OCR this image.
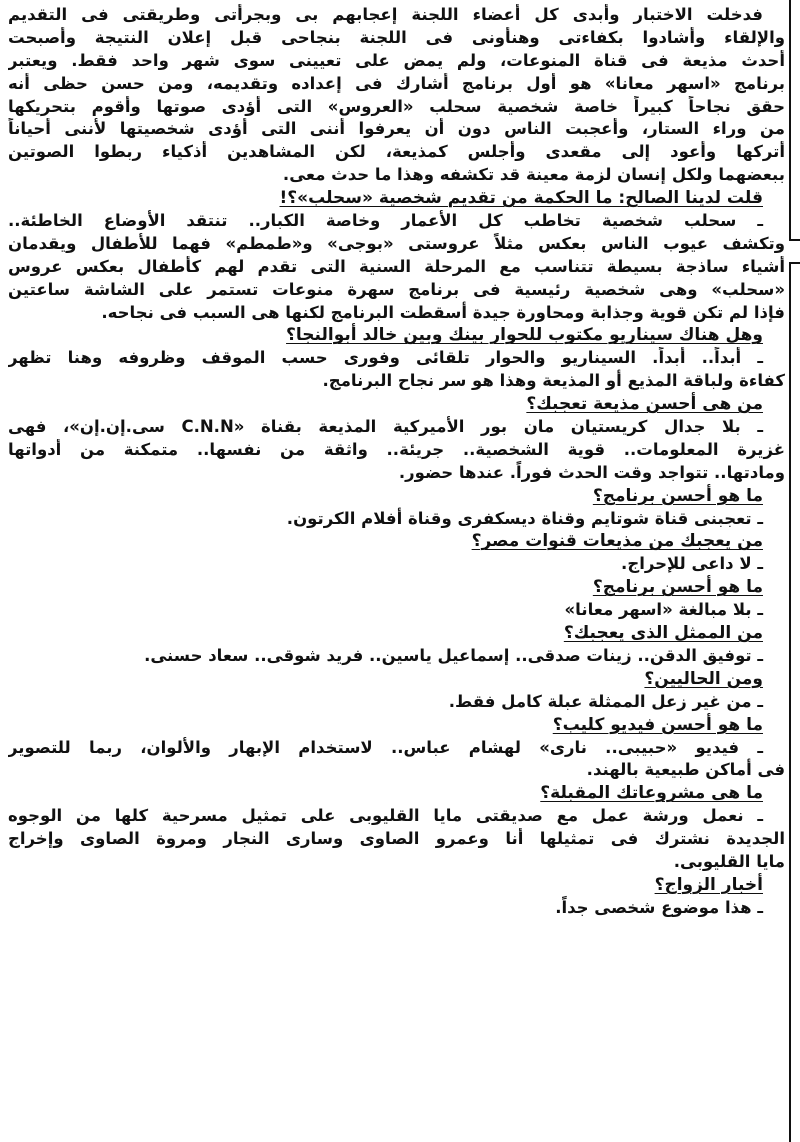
فدخلت الاختبار وأبدى كل أعضاء اللجنة إعجابهم بى وبجرأتى وطريقتى فى التقديم
والإلقاء وأشادوا بكفاءتى وهنأونى فى اللجنة بنجاحى قبل إعلان النتيجة وأصبحت
أحدث مذيعة فى قناة المنوعات، ولم يمض على تعيينى سوى شهر واحد فقط. ويعتبر
برنامج «اسهر معانا» هو أول برنامج أشارك فى إعداده وتقديمه، ومن حسن حظى أنه
حقق نجاحاً كبيراً خاصة شخصية سحلب «العروس» التى أؤدى صوتها وأقوم بتحريكها
من وراء الستار، وأعجبت الناس دون أن يعرفوا أننى التى أؤدى شخصيتها لأننى أحياناً
أتركها وأعود إلى مقعدى وأجلس كمذيعة، لكن المشاهدين أذكياء ربطوا الصوتين
ببعضهما ولكل إنسان لزمة معينة قد تكشفه وهذا ما حدث معى.
قلت لدينا الصالح: ما الحكمة من تقديم شخصية «سحلب»؟!
ـ سحلب شخصية تخاطب كل الأعمار وخاصة الكبار.. تنتقد الأوضاع الخاطئة..
وتكشف عيوب الناس بعكس مثلاً عروستى «بوجى» و«طمطم» فهما للأطفال ويقدمان
أشياء ساذجة بسيطة تتناسب مع المرحلة السنية التى تقدم لهم كأطفال بعكس عروس
«سحلب» وهى شخصية رئيسية فى برنامج سهرة منوعات تستمر على الشاشة ساعتين
فإذا لم تكن قوية وجذابة ومحاورة جيدة أسقطت البرنامج لكنها هى السبب فى نجاحه.
وهل هناك سيناريو مكتوب للحوار بينك وبين خالد أبوالنجا؟
ـ أبداً.. أبداً. السيناريو والحوار تلقائى وفورى حسب الموقف وظروفه وهنا تظهر
كفاءة ولباقة المذيع أو المذيعة وهذا هو سر نجاح البرنامج.
من هى أحسن مذيعة تعجبك؟
ـ بلا جدال كريستيان مان بور الأميركية المذيعة بقناة «C.N.N سى.إن.إن»، فهى
غزيرة المعلومات.. قوية الشخصية.. جريئة.. واثقة من نفسها.. متمكنة من أدواتها
ومادتها.. تتواجد وقت الحدث فوراً. عندها حضور.
ما هو أحسن برنامج؟
ـ تعجبنى قناة شوتايم وقناة ديسكفرى وقناة أفلام الكرتون.
من يعجبك من مذيعات قنوات مصر؟
ـ لا داعى للإحراج.
ما هو أحسن برنامج؟
ـ بلا مبالغة «اسهر معانا»
من الممثل الذى يعجبك؟
ـ توفيق الدقن.. زينات صدقى.. إسماعيل ياسين.. فريد شوقى.. سعاد حسنى.
ومن الحاليين؟
ـ من غير زعل الممثلة عبلة كامل فقط.
ما هو أحسن فيديو كليب؟
ـ فيديو «حبيبى.. نارى» لهشام عباس.. لاستخدام الإبهار والألوان، ربما للتصوير
فى أماكن طبيعية بالهند.
ما هى مشروعاتك المقبلة؟
ـ نعمل ورشة عمل مع صديقتى مايا القليوبى على تمثيل مسرحية كلها من الوجوه
الجديدة نشترك فى تمثيلها أنا وعمرو الصاوى وسارى النجار ومروة الصاوى وإخراج
مايا القليوبى.
أخبار الزواج؟
ـ هذا موضوع شخصى جداً.
